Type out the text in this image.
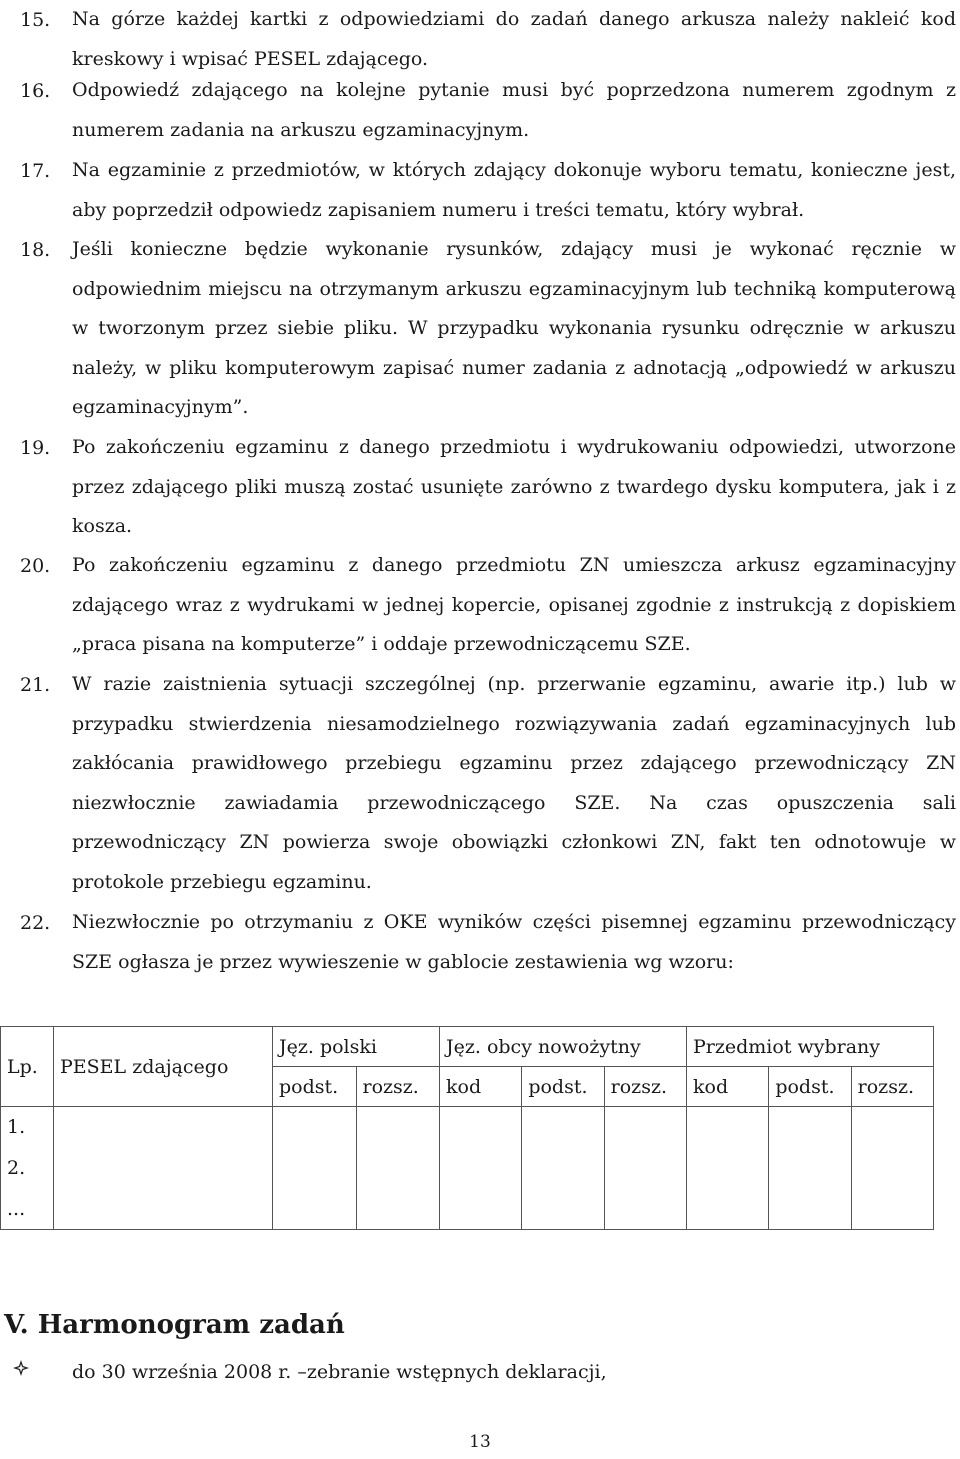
15. Na górze każdej kartki z odpowiedziami do zadań danego arkusza należy nakleić kod kreskowy i wpisać PESEL zdającego.
16. Odpowiedź zdającego na kolejne pytanie musi być poprzedzona numerem zgodnym z numerem zadania na arkuszu egzaminacyjnym.
17. Na egzaminie z przedmiotów, w których zdający dokonuje wyboru tematu, konieczne jest, aby poprzedził odpowiedz zapisaniem numeru i treści tematu, który wybrał.
18. Jeśli konieczne będzie wykonanie rysunków, zdający musi je wykonać ręcznie w odpowiednim miejscu na otrzymanym arkuszu egzaminacyjnym lub techniką komputerową w tworzonym przez siebie pliku. W przypadku wykonania rysunku odręcznie w arkuszu należy, w pliku komputerowym zapisać numer zadania z adnotacją „odpowiedź w arkuszu egzaminacyjnym”.
19. Po zakończeniu egzaminu z danego przedmiotu i wydrukowaniu odpowiedzi, utworzone przez zdającego pliki muszą zostać usunięte zarówno z twardego dysku komputera, jak i z kosza.
20. Po zakończeniu egzaminu z danego przedmiotu ZN umieszcza arkusz egzaminacyjny zdającego wraz z wydrukami w jednej kopercie, opisanej zgodnie z instrukcją z dopiskiem „praca pisana na komputerze” i oddaje przewodniczącemu SZE.
21. W razie zaistnienia sytuacji szczególnej (np. przerwanie egzaminu, awarie itp.) lub w przypadku stwierdzenia niesamodzielnego rozwiązywania zadań egzaminacyjnych lub zakłócania prawidłowego przebiegu egzaminu przez zdającego przewodniczący ZN niezwłocznie zawiadamia przewodniczącego SZE. Na czas opuszczenia sali przewodniczący ZN powierza swoje obowiązki członkowi ZN, fakt ten odnotowuje w protokole przebiegu egzaminu.
22. Niezwłocznie po otrzymaniu z OKE wyników części pisemnej egzaminu przewodniczący SZE ogłasza je przez wywieszenie w gablocie zestawienia wg wzoru:
Lp.	PESEL zdającego	Jęz. polski		Jęz. obcy nowożytny			Przedmiot wybrany		
		podst.	rozsz.	kod	podst.	rozsz.	kod	podst.	rozsz.
1.									
2.									
...									
V. Harmonogram zadań
do 30 września 2008 r. –zebranie wstępnych deklaracji,
13
